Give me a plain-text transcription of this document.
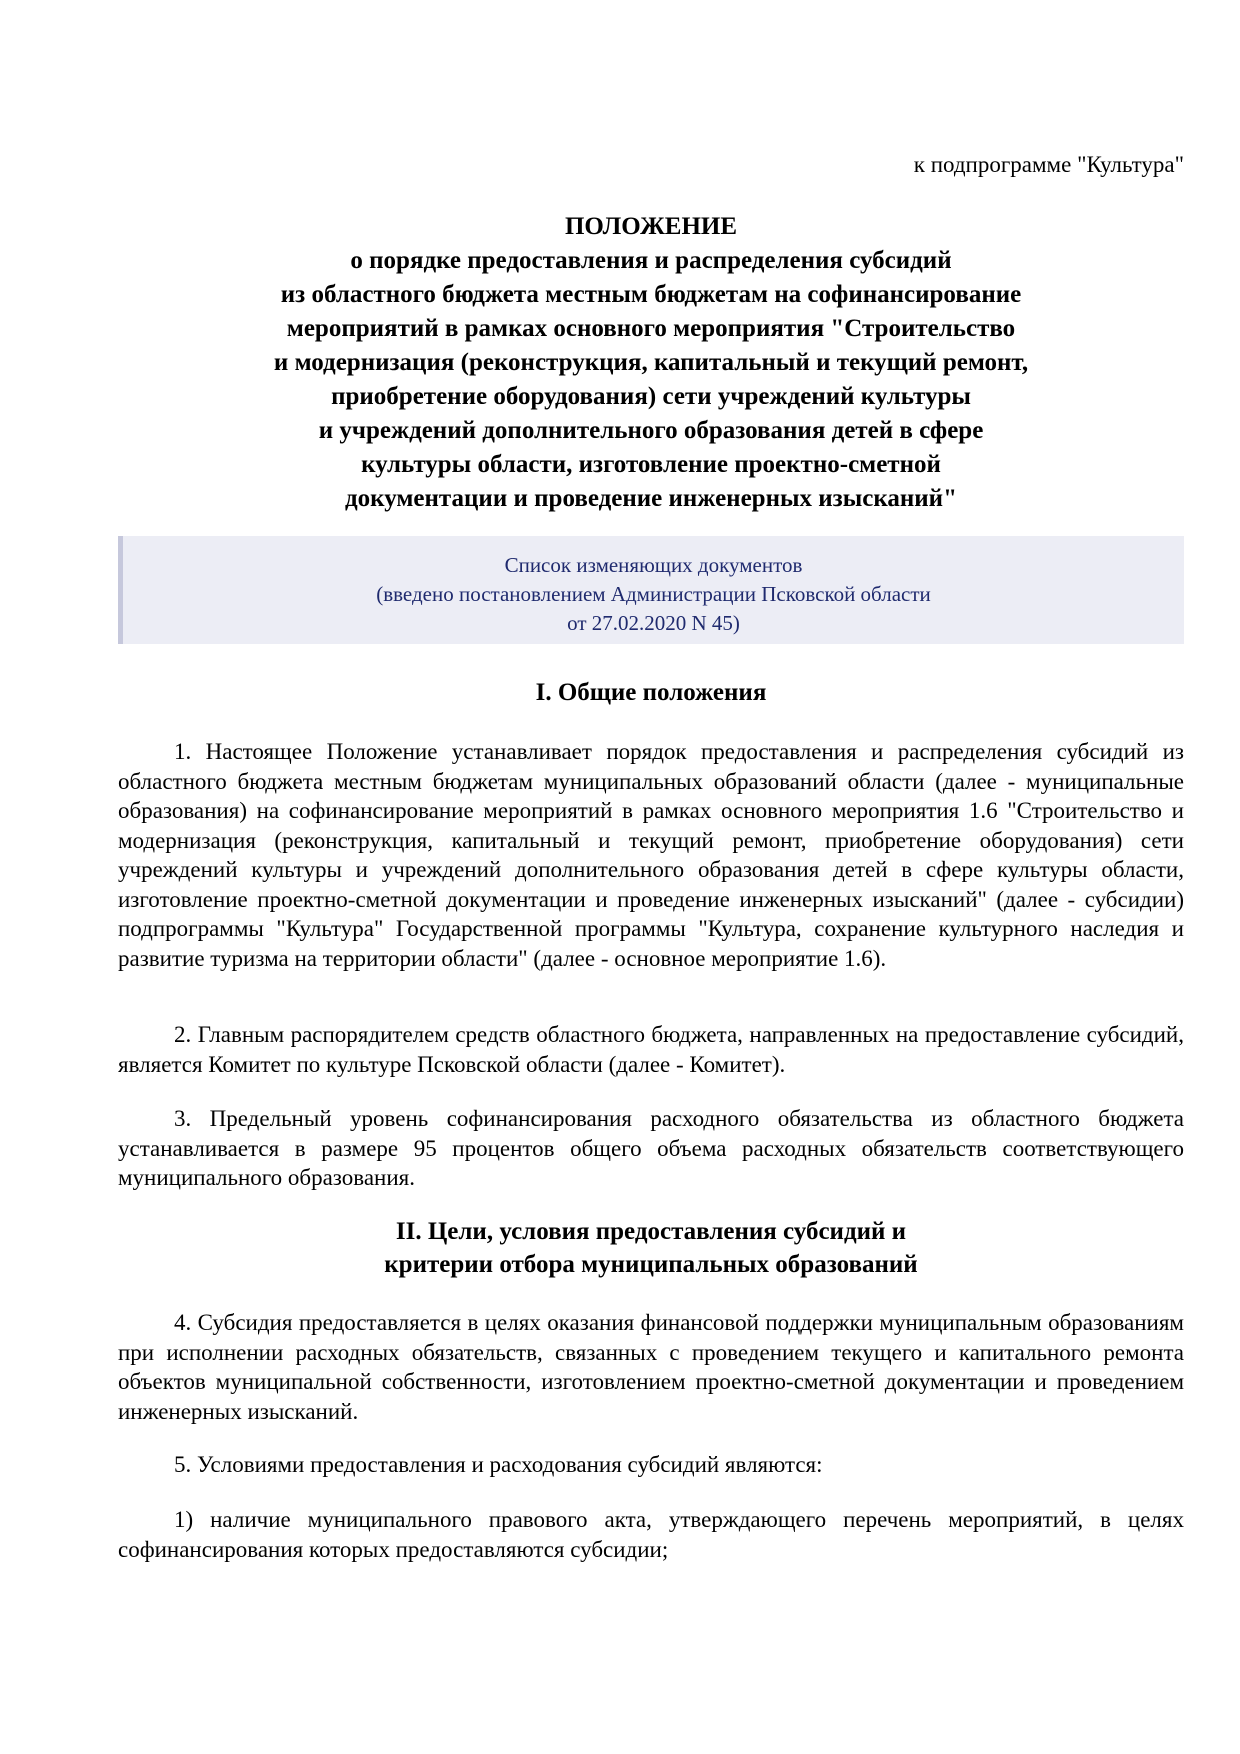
к подпрограмме "Культура"
ПОЛОЖЕНИЕ
о порядке предоставления и распределения субсидий
из областного бюджета местным бюджетам на софинансирование
мероприятий в рамках основного мероприятия "Строительство
и модернизация (реконструкция, капитальный и текущий ремонт,
приобретение оборудования) сети учреждений культуры
и учреждений дополнительного образования детей в сфере
культуры области, изготовление проектно-сметной
документации и проведение инженерных изысканий"
Список изменяющих документов
(введено постановлением Администрации Псковской области
от 27.02.2020 N 45)
I. Общие положения

1. Настоящее Положение устанавливает порядок предоставления и распределения субсидий из областного бюджета местным бюджетам муниципальных образований области (далее - муниципальные образования) на софинансирование мероприятий в рамках основного мероприятия 1.6 "Строительство и модернизация (реконструкция, капитальный и текущий ремонт, приобретение оборудования) сети учреждений культуры и учреждений дополнительного образования детей в сфере культуры области, изготовление проектно-сметной документации и проведение инженерных изысканий" (далее - субсидии) подпрограммы "Культура" Государственной программы "Культура, сохранение культурного наследия и развитие туризма на территории области" (далее - основное мероприятие 1.6).

2. Главным распорядителем средств областного бюджета, направленных на предоставление субсидий, является Комитет по культуре Псковской области (далее - Комитет).

3. Предельный уровень софинансирования расходного обязательства из областного бюджета устанавливается в размере 95 процентов общего объема расходных обязательств соответствующего муниципального образования.

II. Цели, условия предоставления субсидий и
критерии отбора муниципальных образований

4. Субсидия предоставляется в целях оказания финансовой поддержки муниципальным образованиям при исполнении расходных обязательств, связанных с проведением текущего и капитального ремонта объектов муниципальной собственности, изготовлением проектно-сметной документации и проведением инженерных изысканий.

5. Условиями предоставления и расходования субсидий являются:

1) наличие муниципального правового акта, утверждающего перечень мероприятий, в целях софинансирования которых предоставляются субсидии;
